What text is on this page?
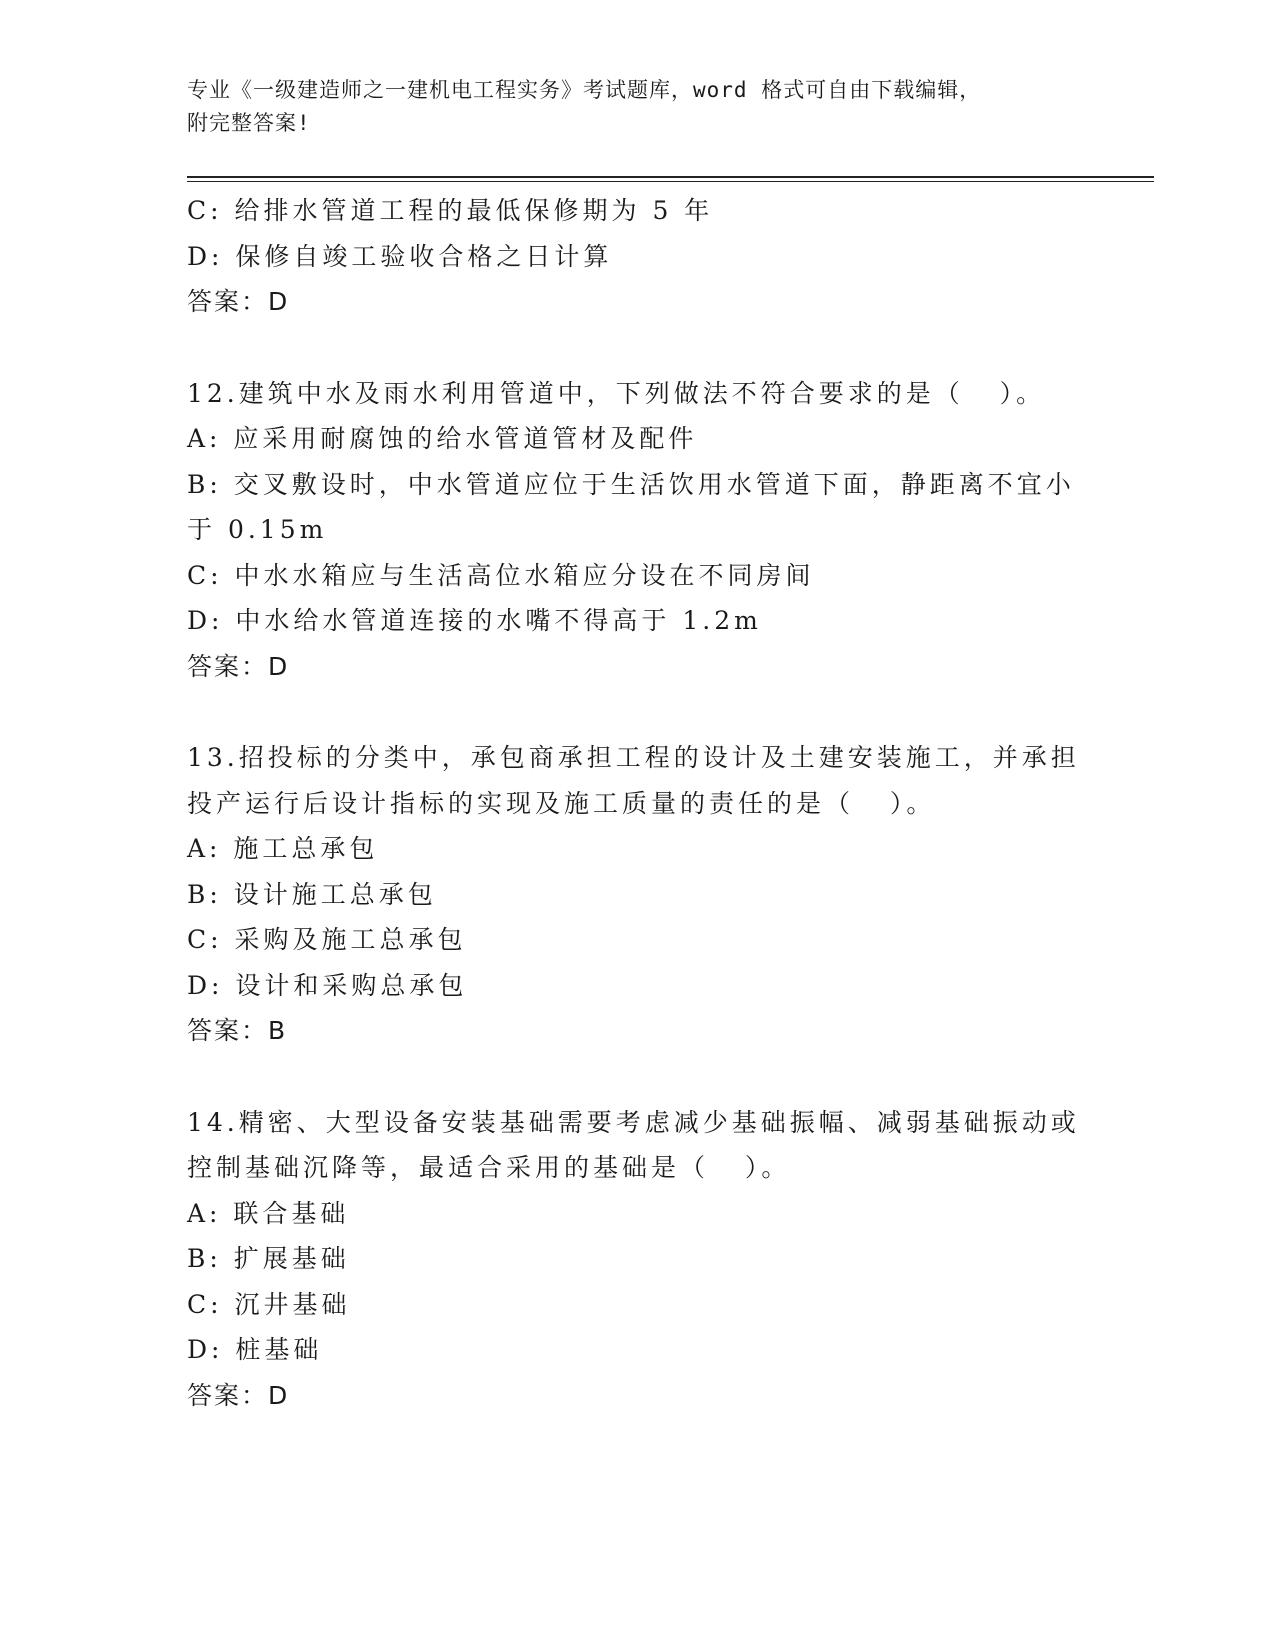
专业《一级建造师之一建机电工程实务》考试题库，word 格式可自由下载编辑，
附完整答案!
C: 给排水管道工程的最低保修期为 5 年
D: 保修自竣工验收合格之日计算
答案：D
12.建筑中水及雨水利用管道中，下列做法不符合要求的是（   ）。
A: 应采用耐腐蚀的给水管道管材及配件
B: 交叉敷设时，中水管道应位于生活饮用水管道下面，静距离不宜小
于 0.15m
C: 中水水箱应与生活高位水箱应分设在不同房间
D: 中水给水管道连接的水嘴不得高于 1.2m
答案：D
13.招投标的分类中，承包商承担工程的设计及土建安装施工，并承担
投产运行后设计指标的实现及施工质量的责任的是（   ）。
A: 施工总承包
B: 设计施工总承包
C: 采购及施工总承包
D: 设计和采购总承包
答案：B
14.精密、大型设备安装基础需要考虑减少基础振幅、减弱基础振动或
控制基础沉降等，最适合采用的基础是（   ）。
A: 联合基础
B: 扩展基础
C: 沉井基础
D: 桩基础
答案：D
